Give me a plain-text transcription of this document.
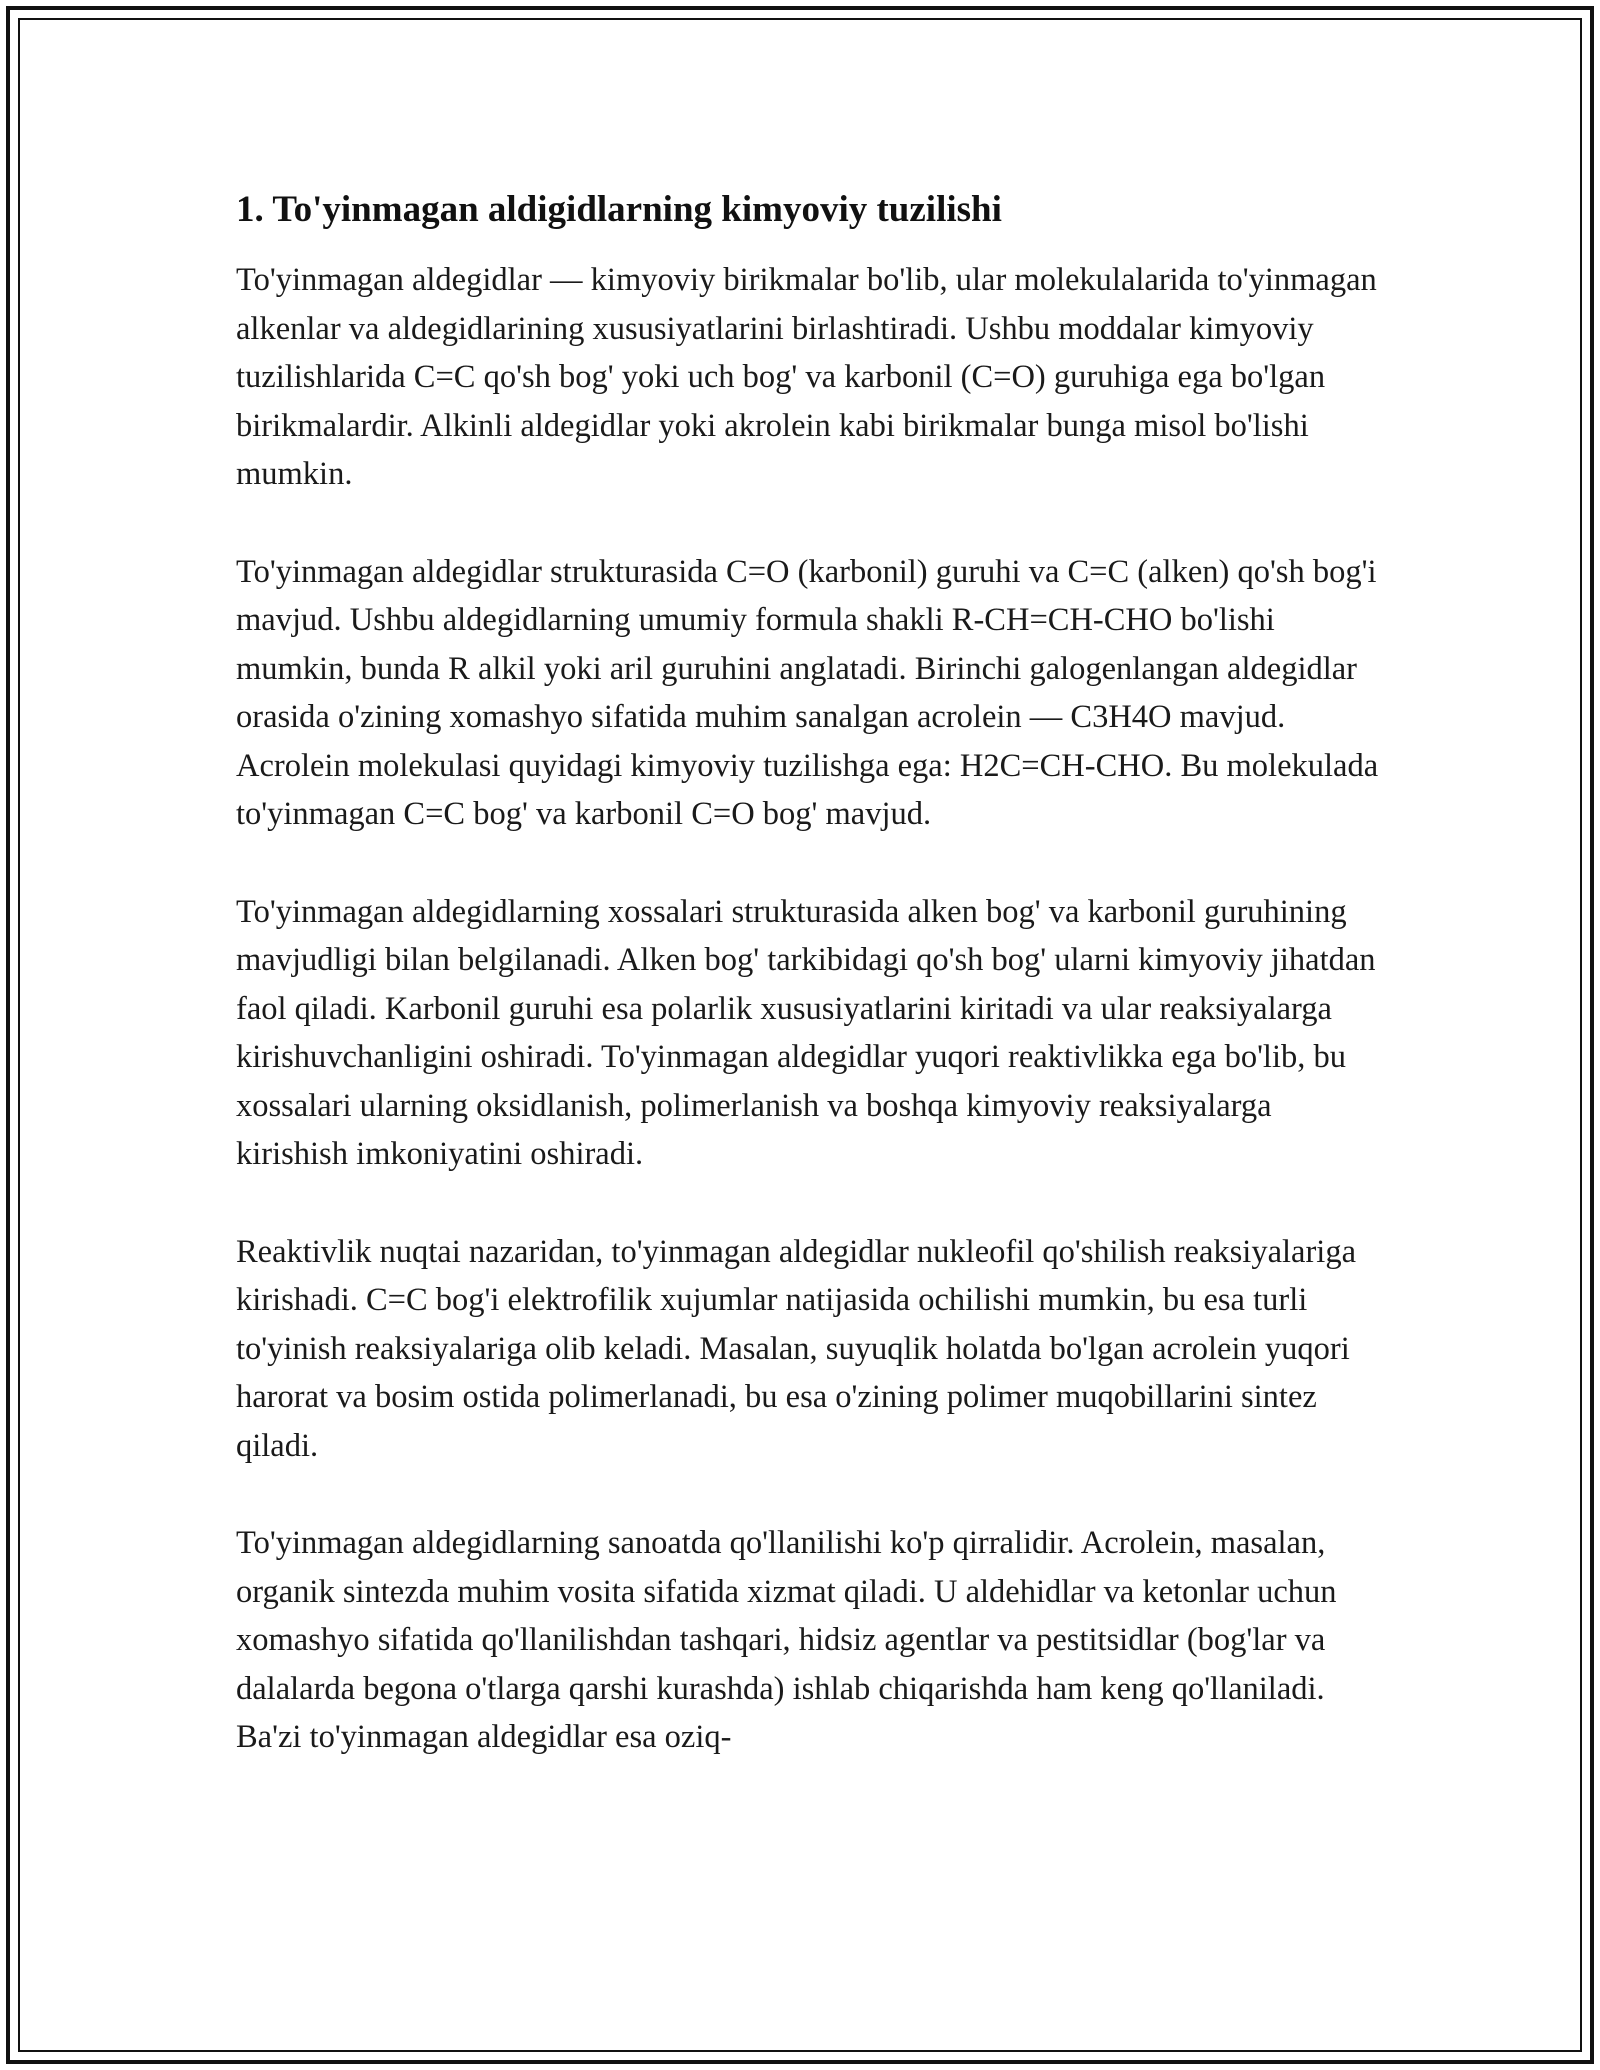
1. To'yinmagan aldigidlarning kimyoviy tuzilishi

To'yinmagan aldegidlar — kimyoviy birikmalar bo'lib, ular molekulalarida to'yinmagan alkenlar va aldegidlarining xususiyatlarini birlashtiradi. Ushbu moddalar kimyoviy tuzilishlarida C=C qo'sh bog' yoki uch bog' va karbonil (C=O) guruhiga ega bo'lgan birikmalardir. Alkinli aldegidlar yoki akrolein kabi birikmalar bunga misol bo'lishi mumkin.

To'yinmagan aldegidlar strukturasida C=O (karbonil) guruhi va C=C (alken) qo'sh bog'i mavjud. Ushbu aldegidlarning umumiy formula shakli R-CH=CH-CHO bo'lishi mumkin, bunda R alkil yoki aril guruhini anglatadi. Birinchi galogenlangan aldegidlar orasida o'zining xomashyo sifatida muhim sanalgan acrolein — C3H4O mavjud. Acrolein molekulasi quyidagi kimyoviy tuzilishga ega: H2C=CH-CHO. Bu molekulada to'yinmagan C=C bog' va karbonil C=O bog' mavjud.

To'yinmagan aldegidlarning xossalari strukturasida alken bog' va karbonil guruhining mavjudligi bilan belgilanadi. Alken bog' tarkibidagi qo'sh bog' ularni kimyoviy jihatdan faol qiladi. Karbonil guruhi esa polarlik xususiyatlarini kiritadi va ular reaksiyalarga kirishuvchanligini oshiradi. To'yinmagan aldegidlar yuqori reaktivlikka ega bo'lib, bu xossalari ularning oksidlanish, polimerlanish va boshqa kimyoviy reaksiyalarga kirishish imkoniyatini oshiradi.

Reaktivlik nuqtai nazaridan, to'yinmagan aldegidlar nukleofil qo'shilish reaksiyalariga kirishadi. C=C bog'i elektrofilik xujumlar natijasida ochilishi mumkin, bu esa turli to'yinish reaksiyalariga olib keladi. Masalan, suyuqlik holatda bo'lgan acrolein yuqori harorat va bosim ostida polimerlanadi, bu esa o'zining polimer muqobillarini sintez qiladi.

To'yinmagan aldegidlarning sanoatda qo'llanilishi ko'p qirralidir. Acrolein, masalan, organik sintezda muhim vosita sifatida xizmat qiladi. U aldehidlar va ketonlar uchun xomashyo sifatida qo'llanilishdan tashqari, hidsiz agentlar va pestitsidlar (bog'lar va dalalarda begona o'tlarga qarshi kurashda) ishlab chiqarishda ham keng qo'llaniladi. Ba'zi to'yinmagan aldegidlar esa oziq-
